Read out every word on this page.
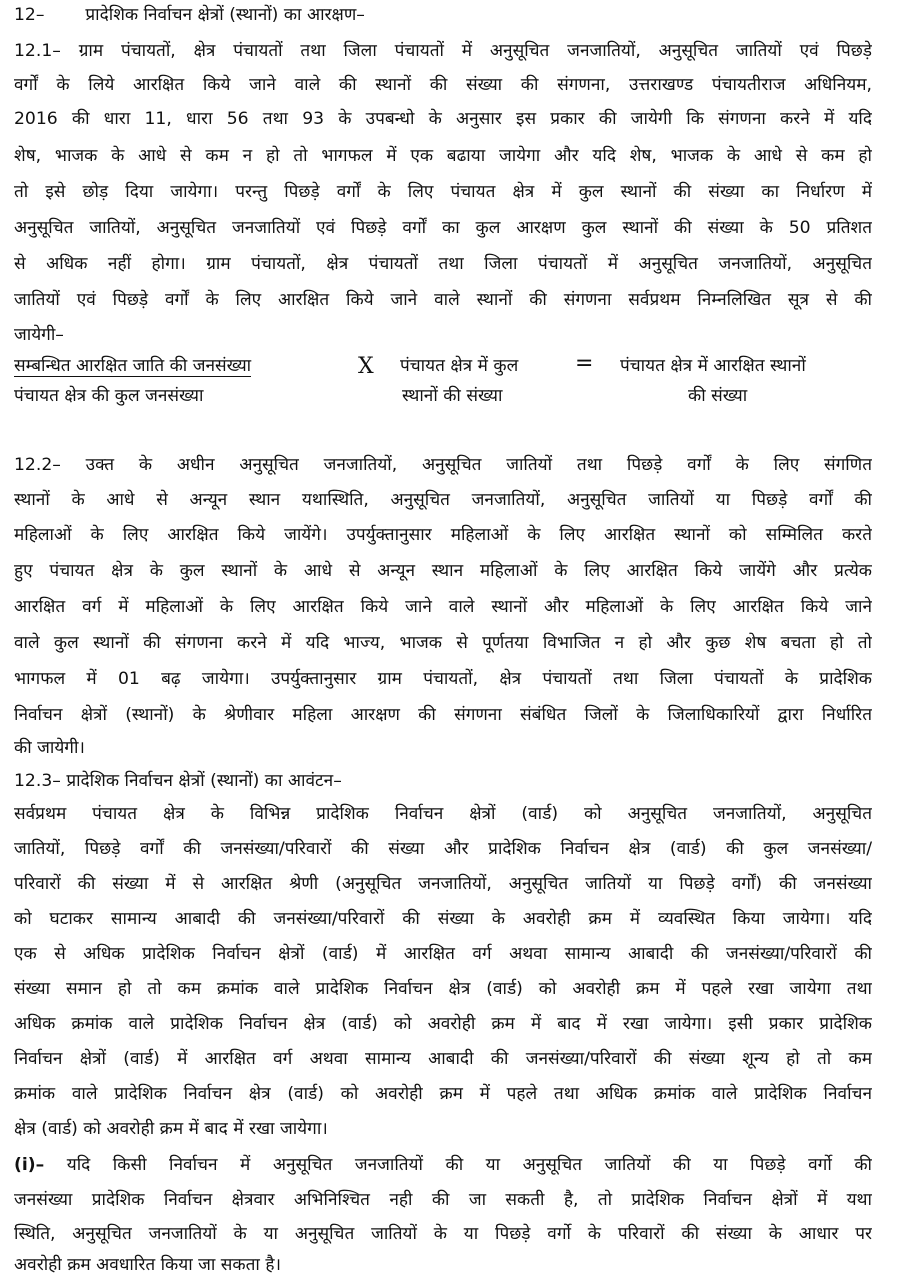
12– प्रादेशिक निर्वाचन क्षेत्रों (स्थानों) का आरक्षण–
12.1– ग्राम पंचायतों, क्षेत्र पंचायतों तथा जिला पंचायतों में अनुसूचित जनजातियों, अनुसूचित जातियों एवं पिछड़े
वर्गों के लिये आरक्षित किये जाने वाले की स्थानों की संख्या की संगणना, उत्तराखण्ड पंचायतीराज अधिनियम,
2016 की धारा 11, धारा 56 तथा 93 के उपबन्धो के अनुसार इस प्रकार की जायेगी कि संगणना करने में यदि
शेष, भाजक के आधे से कम न हो तो भागफल में एक बढाया जायेगा और यदि शेष, भाजक के आधे से कम हो
तो इसे छोड़ दिया जायेगा। परन्तु पिछड़े वर्गों के लिए पंचायत क्षेत्र में कुल स्थानों की संख्या का निर्धारण में
अनुसूचित जातियों, अनुसूचित जनजातियों एवं पिछड़े वर्गों का कुल आरक्षण कुल स्थानों की संख्या के 50 प्रतिशत
से अधिक नहीं होगा। ग्राम पंचायतों, क्षेत्र पंचायतों तथा जिला पंचायतों में अनुसूचित जनजातियों, अनुसूचित
जातियों एवं पिछड़े वर्गों के लिए आरक्षित किये जाने वाले स्थानों की संगणना सर्वप्रथम निम्नलिखित सूत्र से की
जायेगी–
सम्बन्धित आरक्षित जाति की जनसंख्या
पंचायत क्षेत्र की कुल जनसंख्या
X पंचायत क्षेत्र में कुल
स्थानों की संख्या
= पंचायत क्षेत्र में आरक्षित स्थानों
की संख्या
12.2– उक्त के अधीन अनुसूचित जनजातियों, अनुसूचित जातियों तथा पिछड़े वर्गों के लिए संगणित
स्थानों के आधे से अन्यून स्थान यथास्थिति, अनुसूचित जनजातियों, अनुसूचित जातियों या पिछड़े वर्गों की
महिलाओं के लिए आरक्षित किये जायेंगे। उपर्युक्तानुसार महिलाओं के लिए आरक्षित स्थानों को सम्मिलित करते
हुए पंचायत क्षेत्र के कुल स्थानों के आधे से अन्यून स्थान महिलाओं के लिए आरक्षित किये जायेंगे और प्रत्येक
आरक्षित वर्ग में महिलाओं के लिए आरक्षित किये जाने वाले स्थानों और महिलाओं के लिए आरक्षित किये जाने
वाले कुल स्थानों की संगणना करने में यदि भाज्य, भाजक से पूर्णतया विभाजित न हो और कुछ शेष बचता हो तो
भागफल में 01 बढ़ जायेगा। उपर्युक्तानुसार ग्राम पंचायतों, क्षेत्र पंचायतों तथा जिला पंचायतों के प्रादेशिक
निर्वाचन क्षेत्रों (स्थानों) के श्रेणीवार महिला आरक्षण की संगणना संबंधित जिलों के जिलाधिकारियों द्वारा निर्धारित
की जायेगी।
12.3– प्रादेशिक निर्वाचन क्षेत्रों (स्थानों) का आवंटन–
सर्वप्रथम पंचायत क्षेत्र के विभिन्न प्रादेशिक निर्वाचन क्षेत्रों (वार्ड) को अनुसूचित जनजातियों, अनुसूचित
जातियों, पिछड़े वर्गों की जनसंख्या/परिवारों की संख्या और प्रादेशिक निर्वाचन क्षेत्र (वार्ड) की कुल जनसंख्या/
परिवारों की संख्या में से आरक्षित श्रेणी (अनुसूचित जनजातियों, अनुसूचित जातियों या पिछड़े वर्गों) की जनसंख्या
को घटाकर सामान्य आबादी की जनसंख्या/परिवारों की संख्या के अवरोही क्रम में व्यवस्थित किया जायेगा। यदि
एक से अधिक प्रादेशिक निर्वाचन क्षेत्रों (वार्ड) में आरक्षित वर्ग अथवा सामान्य आबादी की जनसंख्या/परिवारों की
संख्या समान हो तो कम क्रमांक वाले प्रादेशिक निर्वाचन क्षेत्र (वार्ड) को अवरोही क्रम में पहले रखा जायेगा तथा
अधिक क्रमांक वाले प्रादेशिक निर्वाचन क्षेत्र (वार्ड) को अवरोही क्रम में बाद में रखा जायेगा। इसी प्रकार प्रादेशिक
निर्वाचन क्षेत्रों (वार्ड) में आरक्षित वर्ग अथवा सामान्य आबादी की जनसंख्या/परिवारों की संख्या शून्य हो तो कम
क्रमांक वाले प्रादेशिक निर्वाचन क्षेत्र (वार्ड) को अवरोही क्रम में पहले तथा अधिक क्रमांक वाले प्रादेशिक निर्वाचन
क्षेत्र (वार्ड) को अवरोही क्रम में बाद में रखा जायेगा।
(i)– यदि किसी निर्वाचन में अनुसूचित जनजातियों की या अनुसूचित जातियों की या पिछड़े वर्गो की
जनसंख्या प्रादेशिक निर्वाचन क्षेत्रवार अभिनिश्चित नही की जा सकती है, तो प्रादेशिक निर्वाचन क्षेत्रों में यथा
स्थिति, अनुसूचित जनजातियों के या अनुसूचित जातियों के या पिछड़े वर्गो के परिवारों की संख्या के आधार पर
अवरोही क्रम अवधारित किया जा सकता है।
